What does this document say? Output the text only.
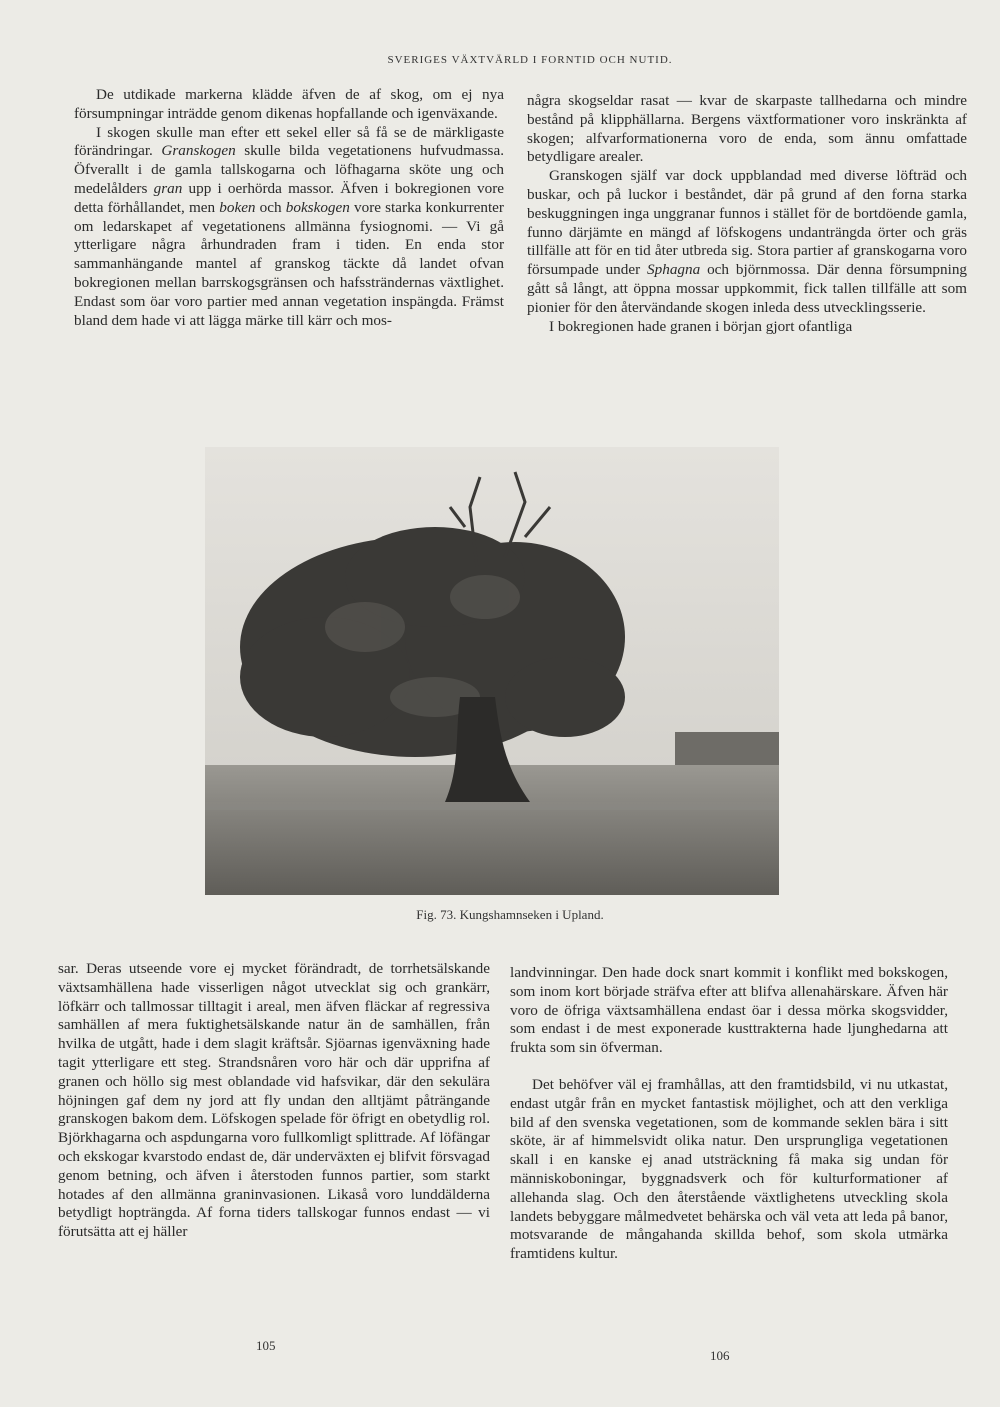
SVERIGES VÄXTVÄRLD I FORNTID OCH NUTID.

De utdikade markerna klädde äfven de af skog, om ej nya försumpningar inträdde genom dikenas hopfallande och igenväxande.

I skogen skulle man efter ett sekel eller så få se de märkligaste förändringar. Granskogen skulle bilda vegetationens hufvudmassa. Öfverallt i de gamla tallskogarna och löfhagarna sköte ung och medelålders gran upp i oerhörda massor. Äfven i bokregionen vore detta förhållandet, men boken och bokskogen vore starka konkurrenter om ledarskapet af vegetationens allmänna fysiognomi. — Vi gå ytterligare några århundraden fram i tiden. En enda stor sammanhängande mantel af granskog täckte då landet ofvan bokregionen mellan barrskogsgränsen och hafssträndernas växtlighet. Endast som öar voro partier med annan vegetation inspängda. Främst bland dem hade vi att lägga märke till kärr och mos-

några skogseldar rasat — kvar de skarpaste tallhedarna och mindre bestånd på klipphällarna. Bergens växtformationer voro inskränkta af skogen; alfvarformationerna voro de enda, som ännu omfattade betydligare arealer.

Granskogen själf var dock uppblandad med diverse löfträd och buskar, och på luckor i beståndet, där på grund af den forna starka beskuggningen inga unggranar funnos i stället för de bortdöende gamla, funno därjämte en mängd af löfskogens undanträngda örter och gräs tillfälle att för en tid åter utbreda sig. Stora partier af granskogarna voro försumpade under Sphagna och björnmossa. Där denna försumpning gått så långt, att öppna mossar uppkommit, fick tallen tillfälle att som pionier för den återvändande skogen inleda dess utvecklingsserie.

I bokregionen hade granen i början gjort ofantliga

Fig. 73. Kungshamnseken i Upland.

sar. Deras utseende vore ej mycket förändradt, de torrhetsälskande växtsamhällena hade visserligen något utvecklat sig och grankärr, löfkärr och tallmossar tilltagit i areal, men äfven fläckar af regressiva samhällen af mera fuktighetsälskande natur än de samhällen, från hvilka de utgått, hade i dem slagit kräftsår. Sjöarnas igenväxning hade tagit ytterligare ett steg. Strandsnåren voro här och där upprifna af granen och höllo sig mest oblandade vid hafsvikar, där den sekulära höjningen gaf dem ny jord att fly undan den alltjämt påträngande granskogen bakom dem. Löfskogen spelade för öfrigt en obetydlig rol. Björkhagarna och aspdungarna voro fullkomligt splittrade. Af löfängar och ekskogar kvarstodo endast de, där underväxten ej blifvit försvagad genom betning, och äfven i återstoden funnos partier, som starkt hotades af den allmänna graninvasionen. Likaså voro lunddälderna betydligt hopträngda. Af forna tiders tallskogar funnos endast — vi förutsätta att ej häller

landvinningar. Den hade dock snart kommit i konflikt med bokskogen, som inom kort började sträfva efter att blifva allenahärskare. Äfven här voro de öfriga växtsamhällena endast öar i dessa mörka skogsvidder, som endast i de mest exponerade kusttrakterna hade ljunghedarna att frukta som sin öfverman.

Det behöfver väl ej framhållas, att den framtidsbild, vi nu utkastat, endast utgår från en mycket fantastisk möjlighet, och att den verkliga bild af den svenska vegetationen, som de kommande seklen bära i sitt sköte, är af himmelsvidt olika natur. Den ursprungliga vegetationen skall i en kanske ej anad utsträckning få maka sig undan för människoboningar, byggnadsverk och för kulturformationer af allehanda slag. Och den återstående växtlighetens utveckling skola landets bebyggare målmedvetet behärska och väl veta att leda på banor, motsvarande de mångahanda skillda behof, som skola utmärka framtidens kultur.

105
106
